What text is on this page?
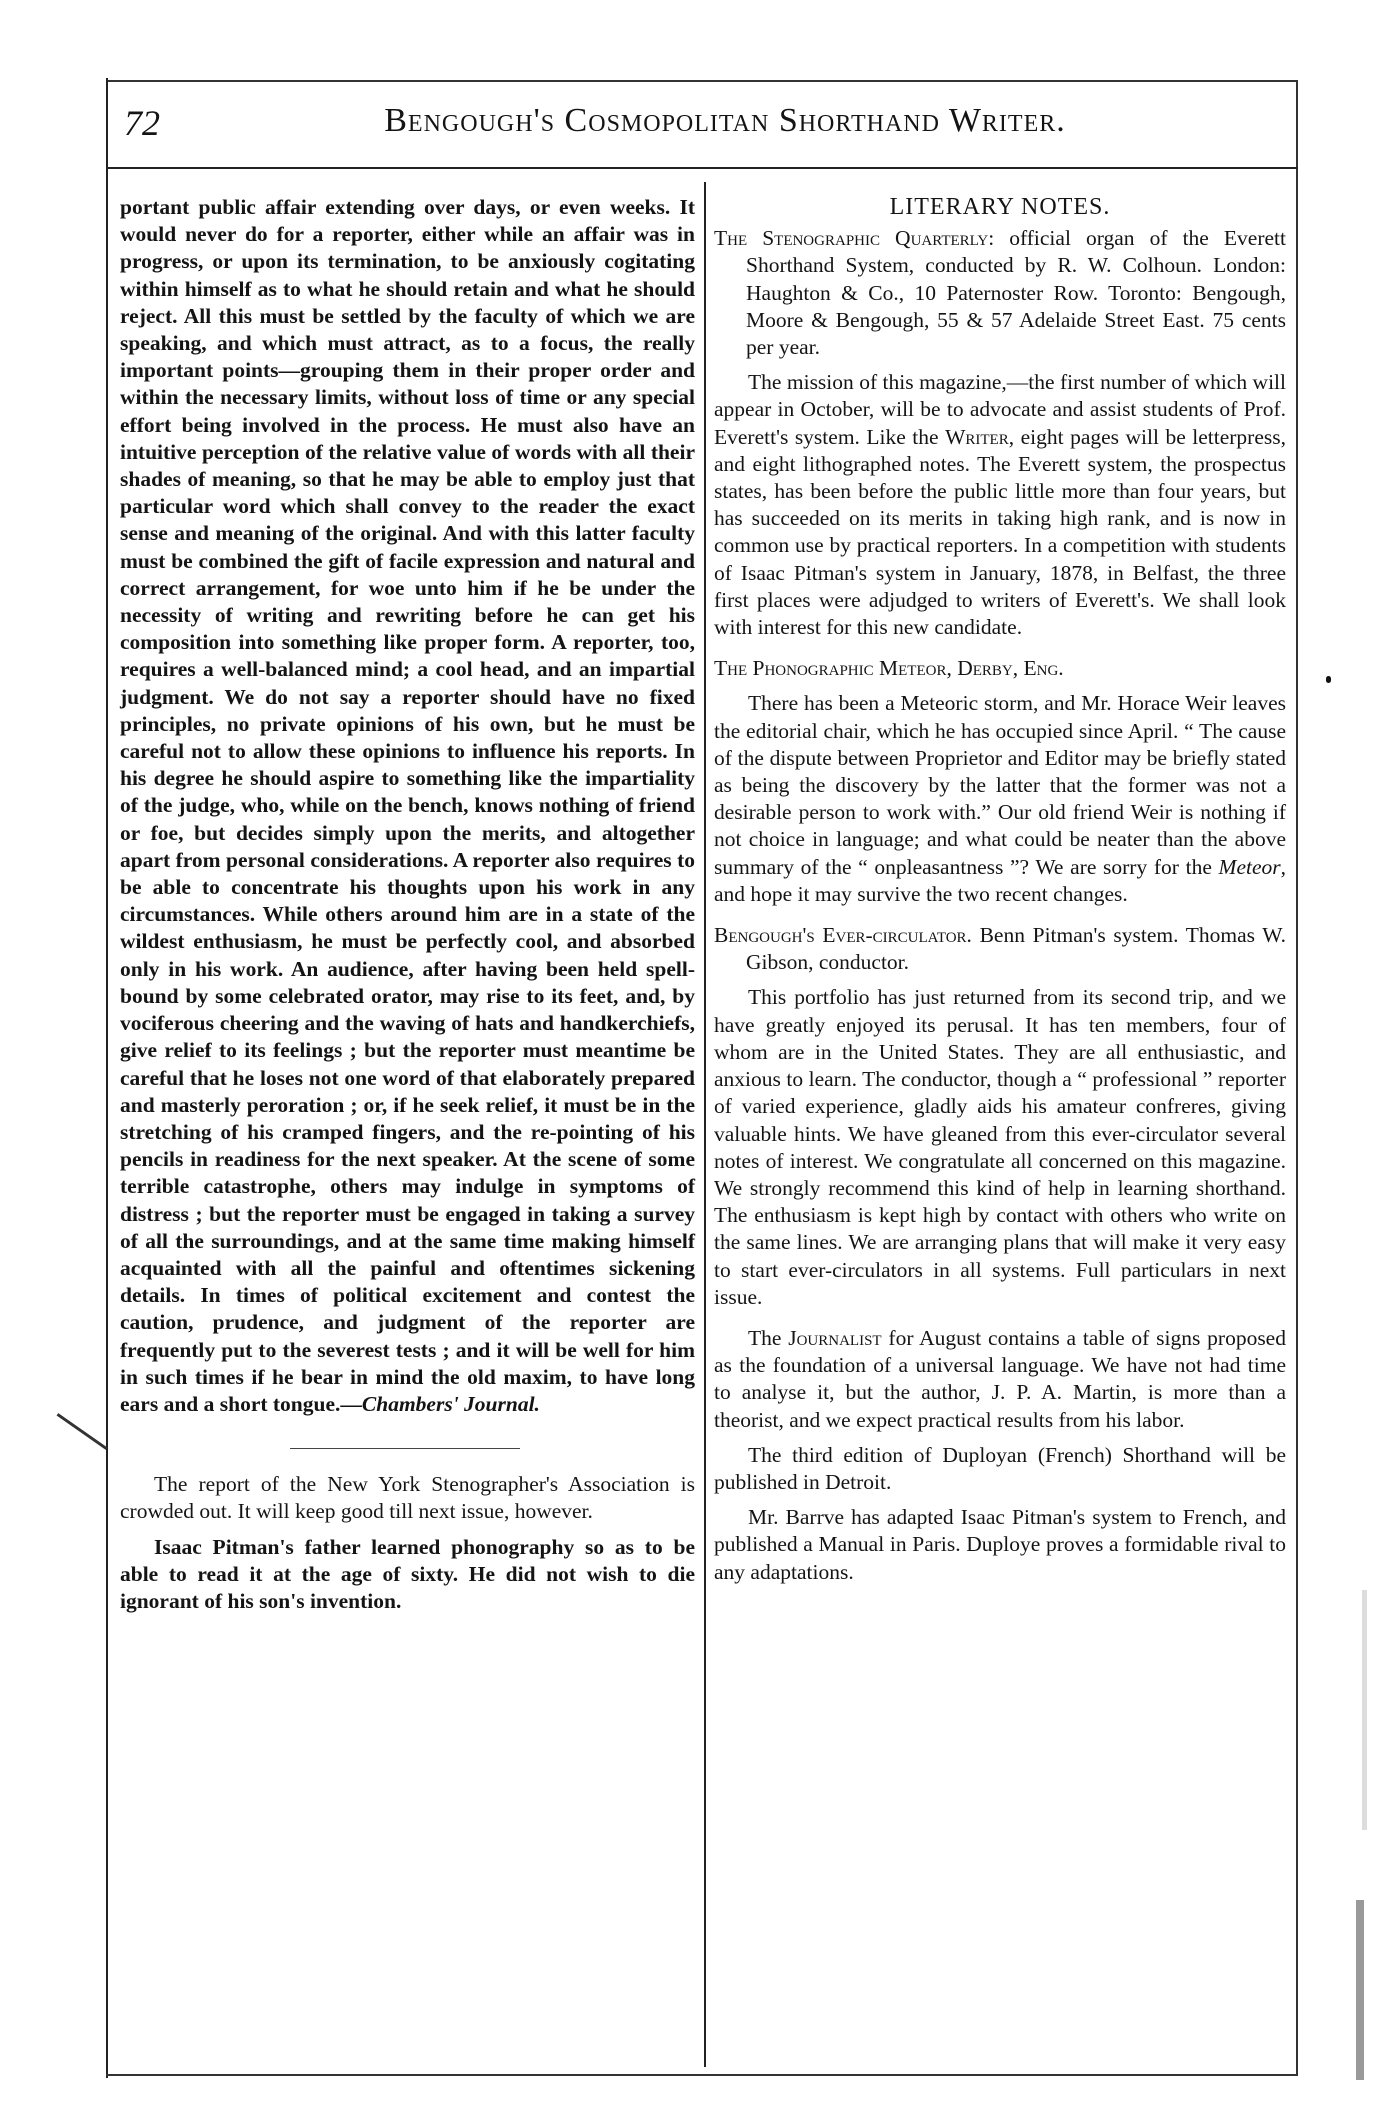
72	Bengough's Cosmopolitan Shorthand Writer.

portant public affair extending over days, or even weeks. It would never do for a reporter, either while an affair was in progress, or upon its termination, to be anxiously cogitating within himself as to what he should retain and what he should reject. All this must be settled by the faculty of which we are speaking, and which must attract, as to a focus, the really important points—grouping them in their proper order and within the necessary limits, without loss of time or any special effort being involved in the process. He must also have an intuitive perception of the relative value of words with all their shades of meaning, so that he may be able to employ just that particular word which shall convey to the reader the exact sense and meaning of the original. And with this latter faculty must be combined the gift of facile expression and natural and correct arrangement, for woe unto him if he be under the necessity of writing and rewriting before he can get his composition into something like proper form. A reporter, too, requires a well-balanced mind; a cool head, and an impartial judgment. We do not say a reporter should have no fixed principles, no private opinions of his own, but he must be careful not to allow these opinions to influence his reports. In his degree he should aspire to something like the impartiality of the judge, who, while on the bench, knows nothing of friend or foe, but decides simply upon the merits, and altogether apart from personal considerations. A reporter also requires to be able to concentrate his thoughts upon his work in any circumstances. While others around him are in a state of the wildest enthusiasm, he must be perfectly cool, and absorbed only in his work. An audience, after having been held spell-bound by some celebrated orator, may rise to its feet, and, by vociferous cheering and the waving of hats and handkerchiefs, give relief to its feelings ; but the reporter must meantime be careful that he loses not one word of that elaborately prepared and masterly peroration ; or, if he seek relief, it must be in the stretching of his cramped fingers, and the re-pointing of his pencils in readiness for the next speaker. At the scene of some terrible catastrophe, others may indulge in symptoms of distress ; but the reporter must be engaged in taking a survey of all the surroundings, and at the same time making himself acquainted with all the painful and oftentimes sickening details. In times of political excitement and contest the caution, prudence, and judgment of the reporter are frequently put to the severest tests ; and it will be well for him in such times if he bear in mind the old maxim, to have long ears and a short tongue.—Chambers' Journal.

The report of the New York Stenographer's Association is crowded out. It will keep good till next issue, however.

Isaac Pitman's father learned phonography so as to be able to read it at the age of sixty. He did not wish to die ignorant of his son's invention.

LITERARY NOTES.

The Stenographic Quarterly: official organ of the Everett Shorthand System, conducted by R. W. Colhoun. London: Haughton & Co., 10 Paternoster Row. Toronto: Bengough, Moore & Bengough, 55 & 57 Adelaide Street East. 75 cents per year.

The mission of this magazine,—the first number of which will appear in October, will be to advocate and assist students of Prof. Everett's system. Like the Writer, eight pages will be letterpress, and eight lithographed notes. The Everett system, the prospectus states, has been before the public little more than four years, but has succeeded on its merits in taking high rank, and is now in common use by practical reporters. In a competition with students of Isaac Pitman's system in January, 1878, in Belfast, the three first places were adjudged to writers of Everett's. We shall look with interest for this new candidate.

The Phonographic Meteor, Derby, Eng.

There has been a Meteoric storm, and Mr. Horace Weir leaves the editorial chair, which he has occupied since April. “ The cause of the dispute between Proprietor and Editor may be briefly stated as being the discovery by the latter that the former was not a desirable person to work with.” Our old friend Weir is nothing if not choice in language; and what could be neater than the above summary of the “ onpleasantness ”? We are sorry for the Meteor, and hope it may survive the two recent changes.

Bengough's Ever-circulator. Benn Pitman's system. Thomas W. Gibson, conductor.

This portfolio has just returned from its second trip, and we have greatly enjoyed its perusal. It has ten members, four of whom are in the United States. They are all enthusiastic, and anxious to learn. The conductor, though a “ professional ” reporter of varied experience, gladly aids his amateur confreres, giving valuable hints. We have gleaned from this ever-circulator several notes of interest. We congratulate all concerned on this magazine. We strongly recommend this kind of help in learning shorthand. The enthusiasm is kept high by contact with others who write on the same lines. We are arranging plans that will make it very easy to start ever-circulators in all systems. Full particulars in next issue.

The Journalist for August contains a table of signs proposed as the foundation of a universal language. We have not had time to analyse it, but the author, J. P. A. Martin, is more than a theorist, and we expect practical results from his labor.

The third edition of Duployan (French) Shorthand will be published in Detroit.

Mr. Barrve has adapted Isaac Pitman's system to French, and published a Manual in Paris. Duploye proves a formidable rival to any adaptations.
